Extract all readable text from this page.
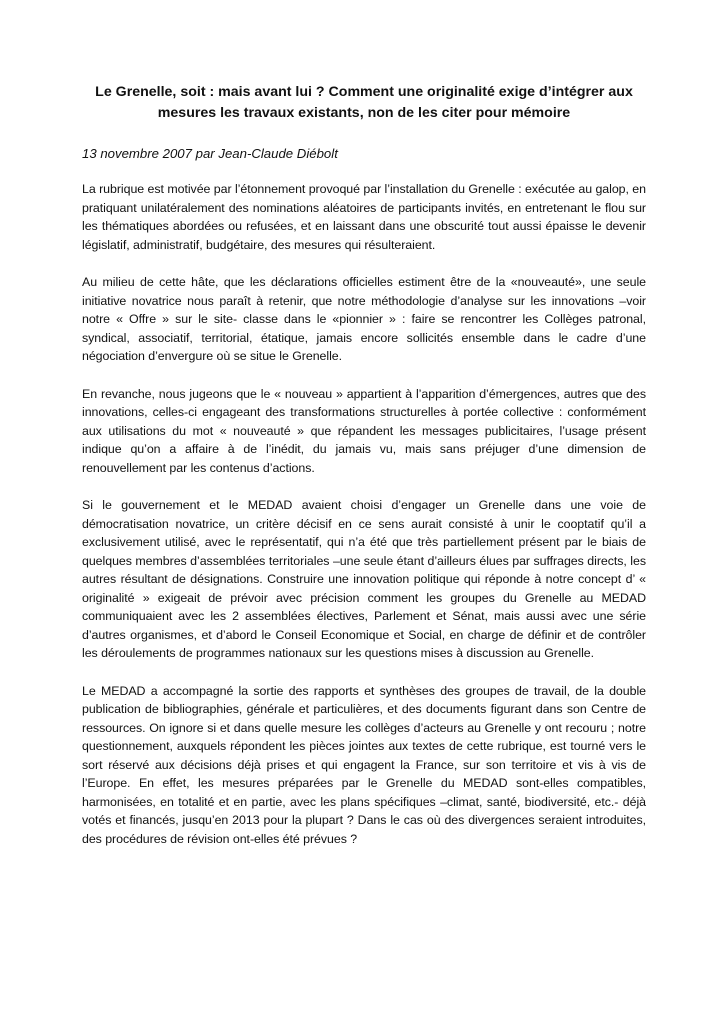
Le Grenelle, soit : mais avant lui ? Comment une originalité exige d’intégrer aux mesures les travaux existants, non de les citer pour mémoire

13 novembre 2007 par Jean-Claude Diébolt

La rubrique est motivée par l’étonnement provoqué par l’installation du Grenelle : exécutée au galop, en pratiquant unilatéralement des nominations aléatoires de participants invités, en entretenant le flou sur les thématiques abordées ou refusées, et en laissant dans une obscurité tout aussi épaisse le devenir législatif, administratif, budgétaire, des mesures qui résulteraient.

Au milieu de cette hâte, que les déclarations officielles estiment être de la «nouveauté», une seule initiative novatrice nous paraît à retenir, que notre méthodologie d’analyse sur les innovations –voir notre « Offre » sur le site- classe dans le «pionnier » : faire se rencontrer les Collèges patronal, syndical, associatif, territorial, étatique, jamais encore sollicités ensemble dans le cadre d’une négociation d’envergure où se situe le Grenelle.

En revanche, nous jugeons que le « nouveau » appartient à l’apparition d’émergences, autres que des innovations, celles-ci engageant des transformations structurelles à portée collective : conformément aux utilisations du mot « nouveauté » que répandent les messages publicitaires, l’usage présent indique qu’on a affaire à de l’inédit, du jamais vu, mais sans préjuger d’une dimension de renouvellement par les contenus d’actions.

Si le gouvernement et le MEDAD avaient choisi d’engager un Grenelle dans une voie de démocratisation novatrice, un critère décisif en ce sens aurait consisté à unir le cooptatif qu’il a exclusivement utilisé, avec le représentatif, qui n’a été que très partiellement présent par le biais de quelques membres d’assemblées territoriales –une seule étant d’ailleurs élues par suffrages directs, les autres résultant de désignations. Construire une innovation politique qui réponde à notre concept d’ « originalité » exigeait de prévoir avec précision comment les groupes du Grenelle au MEDAD communiquaient avec les 2 assemblées électives, Parlement et Sénat, mais aussi avec une série d’autres organismes, et d’abord le Conseil Economique et Social, en charge de définir et de contrôler les déroulements de programmes nationaux sur les questions mises à discussion au Grenelle.

Le MEDAD a accompagné la sortie des rapports et synthèses des groupes de travail, de la double publication de bibliographies, générale et particulières, et des documents figurant dans son Centre de ressources. On ignore si et dans quelle mesure les collèges d’acteurs au Grenelle y ont recouru ; notre questionnement, auxquels répondent les pièces jointes aux textes de cette rubrique, est tourné vers le sort réservé aux décisions déjà prises et qui engagent la France, sur son territoire et vis à vis de l’Europe. En effet, les mesures préparées par le Grenelle du MEDAD sont-elles compatibles, harmonisées, en totalité et en partie, avec les plans spécifiques –climat, santé, biodiversité, etc.- déjà votés et financés, jusqu’en 2013 pour la plupart ? Dans le cas où des divergences seraient introduites, des procédures de révision ont-elles été prévues ?
